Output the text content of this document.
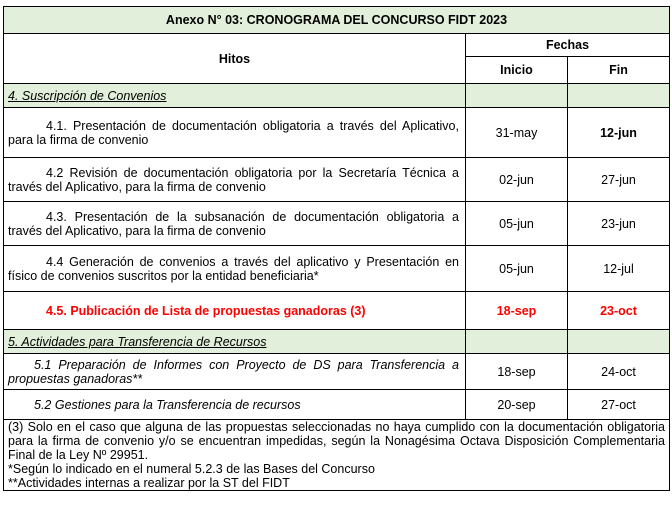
Anexo N° 03: CRONOGRAMA DEL CONCURSO FIDT 2023		
Hitos	Fechas	
	Inicio	Fin
4. Suscripción de Convenios		
4.1. Presentación de documentación obligatoria a través del Aplicativo, para la firma de convenio	31-may	12-jun
4.2 Revisión de documentación obligatoria por la Secretaría Técnica a través del Aplicativo, para la firma de convenio	02-jun	27-jun
4.3. Presentación de la subsanación de documentación obligatoria a través del Aplicativo, para la firma de convenio	05-jun	23-jun
4.4 Generación de convenios a través del aplicativo y Presentación en físico de convenios suscritos por la entidad beneficiaria*	05-jun	12-jul
4.5. Publicación de Lista de propuestas ganadoras (3)	18-sep	23-oct
5. Actividades para Transferencia de Recursos		
5.1 Preparación de Informes con Proyecto de DS para Transferencia a propuestas ganadoras**	18-sep	24-oct
5.2 Gestiones para la Transferencia de recursos	20-sep	27-oct

(3) Solo en el caso que alguna de las propuestas seleccionadas no haya cumplido con la documentación obligatoria para la firma de convenio y/o se encuentran impedidas, según la Nonagésima Octava Disposición Complementaria Final de la Ley Nº 29951.
*Según lo indicado en el numeral 5.2.3 de las Bases del Concurso
**Actividades internas a realizar por la ST del FIDT		
